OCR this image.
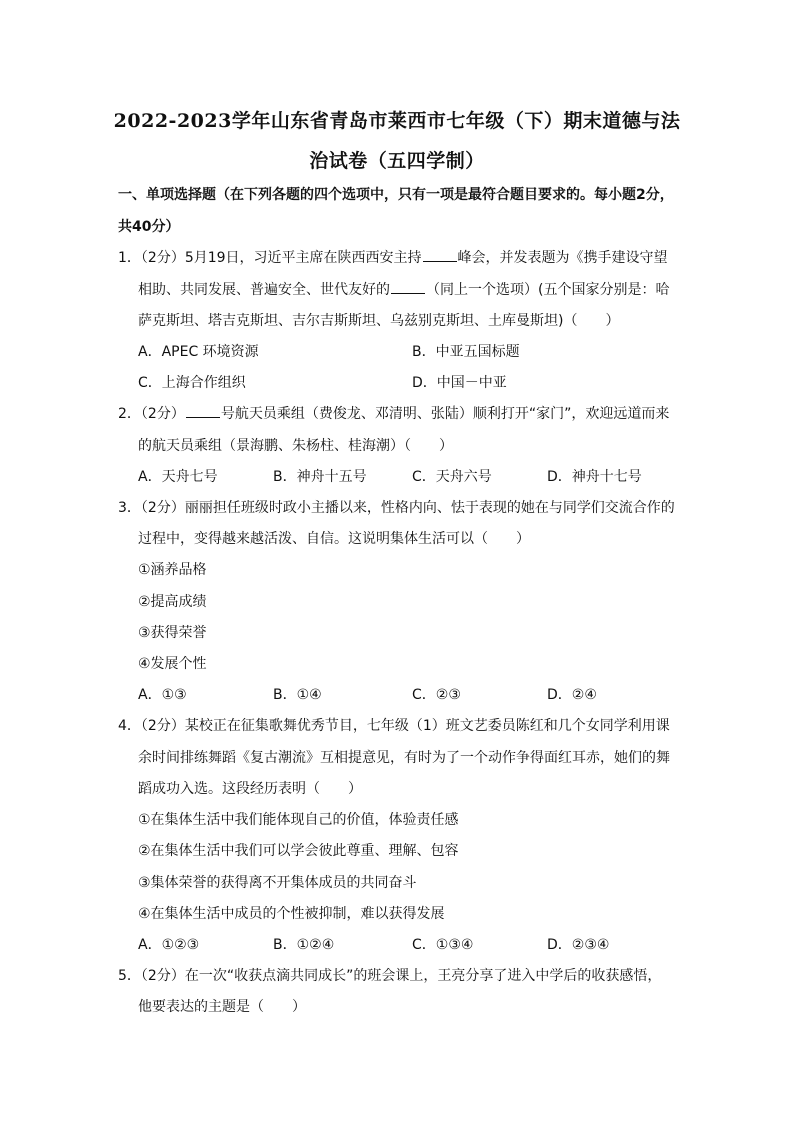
2022-2023学年山东省青岛市莱西市七年级（下）期末道德与法
治试卷（五四学制）
一、单项选择题（在下列各题的四个选项中，只有一项是最符合题目要求的。每小题2分，
共40分）
1．（2分）5月19日，习近平主席在陕西西安主持	峰会，并发表题为《携手建设守望
相助、共同发展、普遍安全、世代友好的	（同上一个选项）(五个国家分别是：哈
萨克斯坦、塔吉克斯坦、吉尔吉斯斯坦、乌兹别克斯坦、土库曼斯坦)（　　）
A．APEC 环境资源	B．中亚五国标题
C．上海合作组织	D．中国－中亚
2．（2分）	号航天员乘组（费俊龙、邓清明、张陆）顺利打开“家门”，欢迎远道而来
的航天员乘组（景海鹏、朱杨柱、桂海潮）（　　）
A．天舟七号	B．神舟十五号	C．天舟六号	D．神舟十七号
3．（2分）丽丽担任班级时政小主播以来，性格内向、怯于表现的她在与同学们交流合作的
过程中，变得越来越活泼、自信。这说明集体生活可以（　　）
①涵养品格
②提高成绩
③获得荣誉
④发展个性
A．①③	B．①④	C．②③	D．②④
4．（2分）某校正在征集歌舞优秀节目，七年级（1）班文艺委员陈红和几个女同学利用课
余时间排练舞蹈《复古潮流》互相提意见，有时为了一个动作争得面红耳赤，她们的舞
蹈成功入选。这段经历表明（　　）
①在集体生活中我们能体现自己的价值，体验责任感
②在集体生活中我们可以学会彼此尊重、理解、包容
③集体荣誉的获得离不开集体成员的共同奋斗
④在集体生活中成员的个性被抑制，难以获得发展
A．①②③	B．①②④	C．①③④	D．②③④
5．（2分）在一次“收获点滴共同成长”的班会课上，王亮分享了进入中学后的收获感悟，
他要表达的主题是（　　）
